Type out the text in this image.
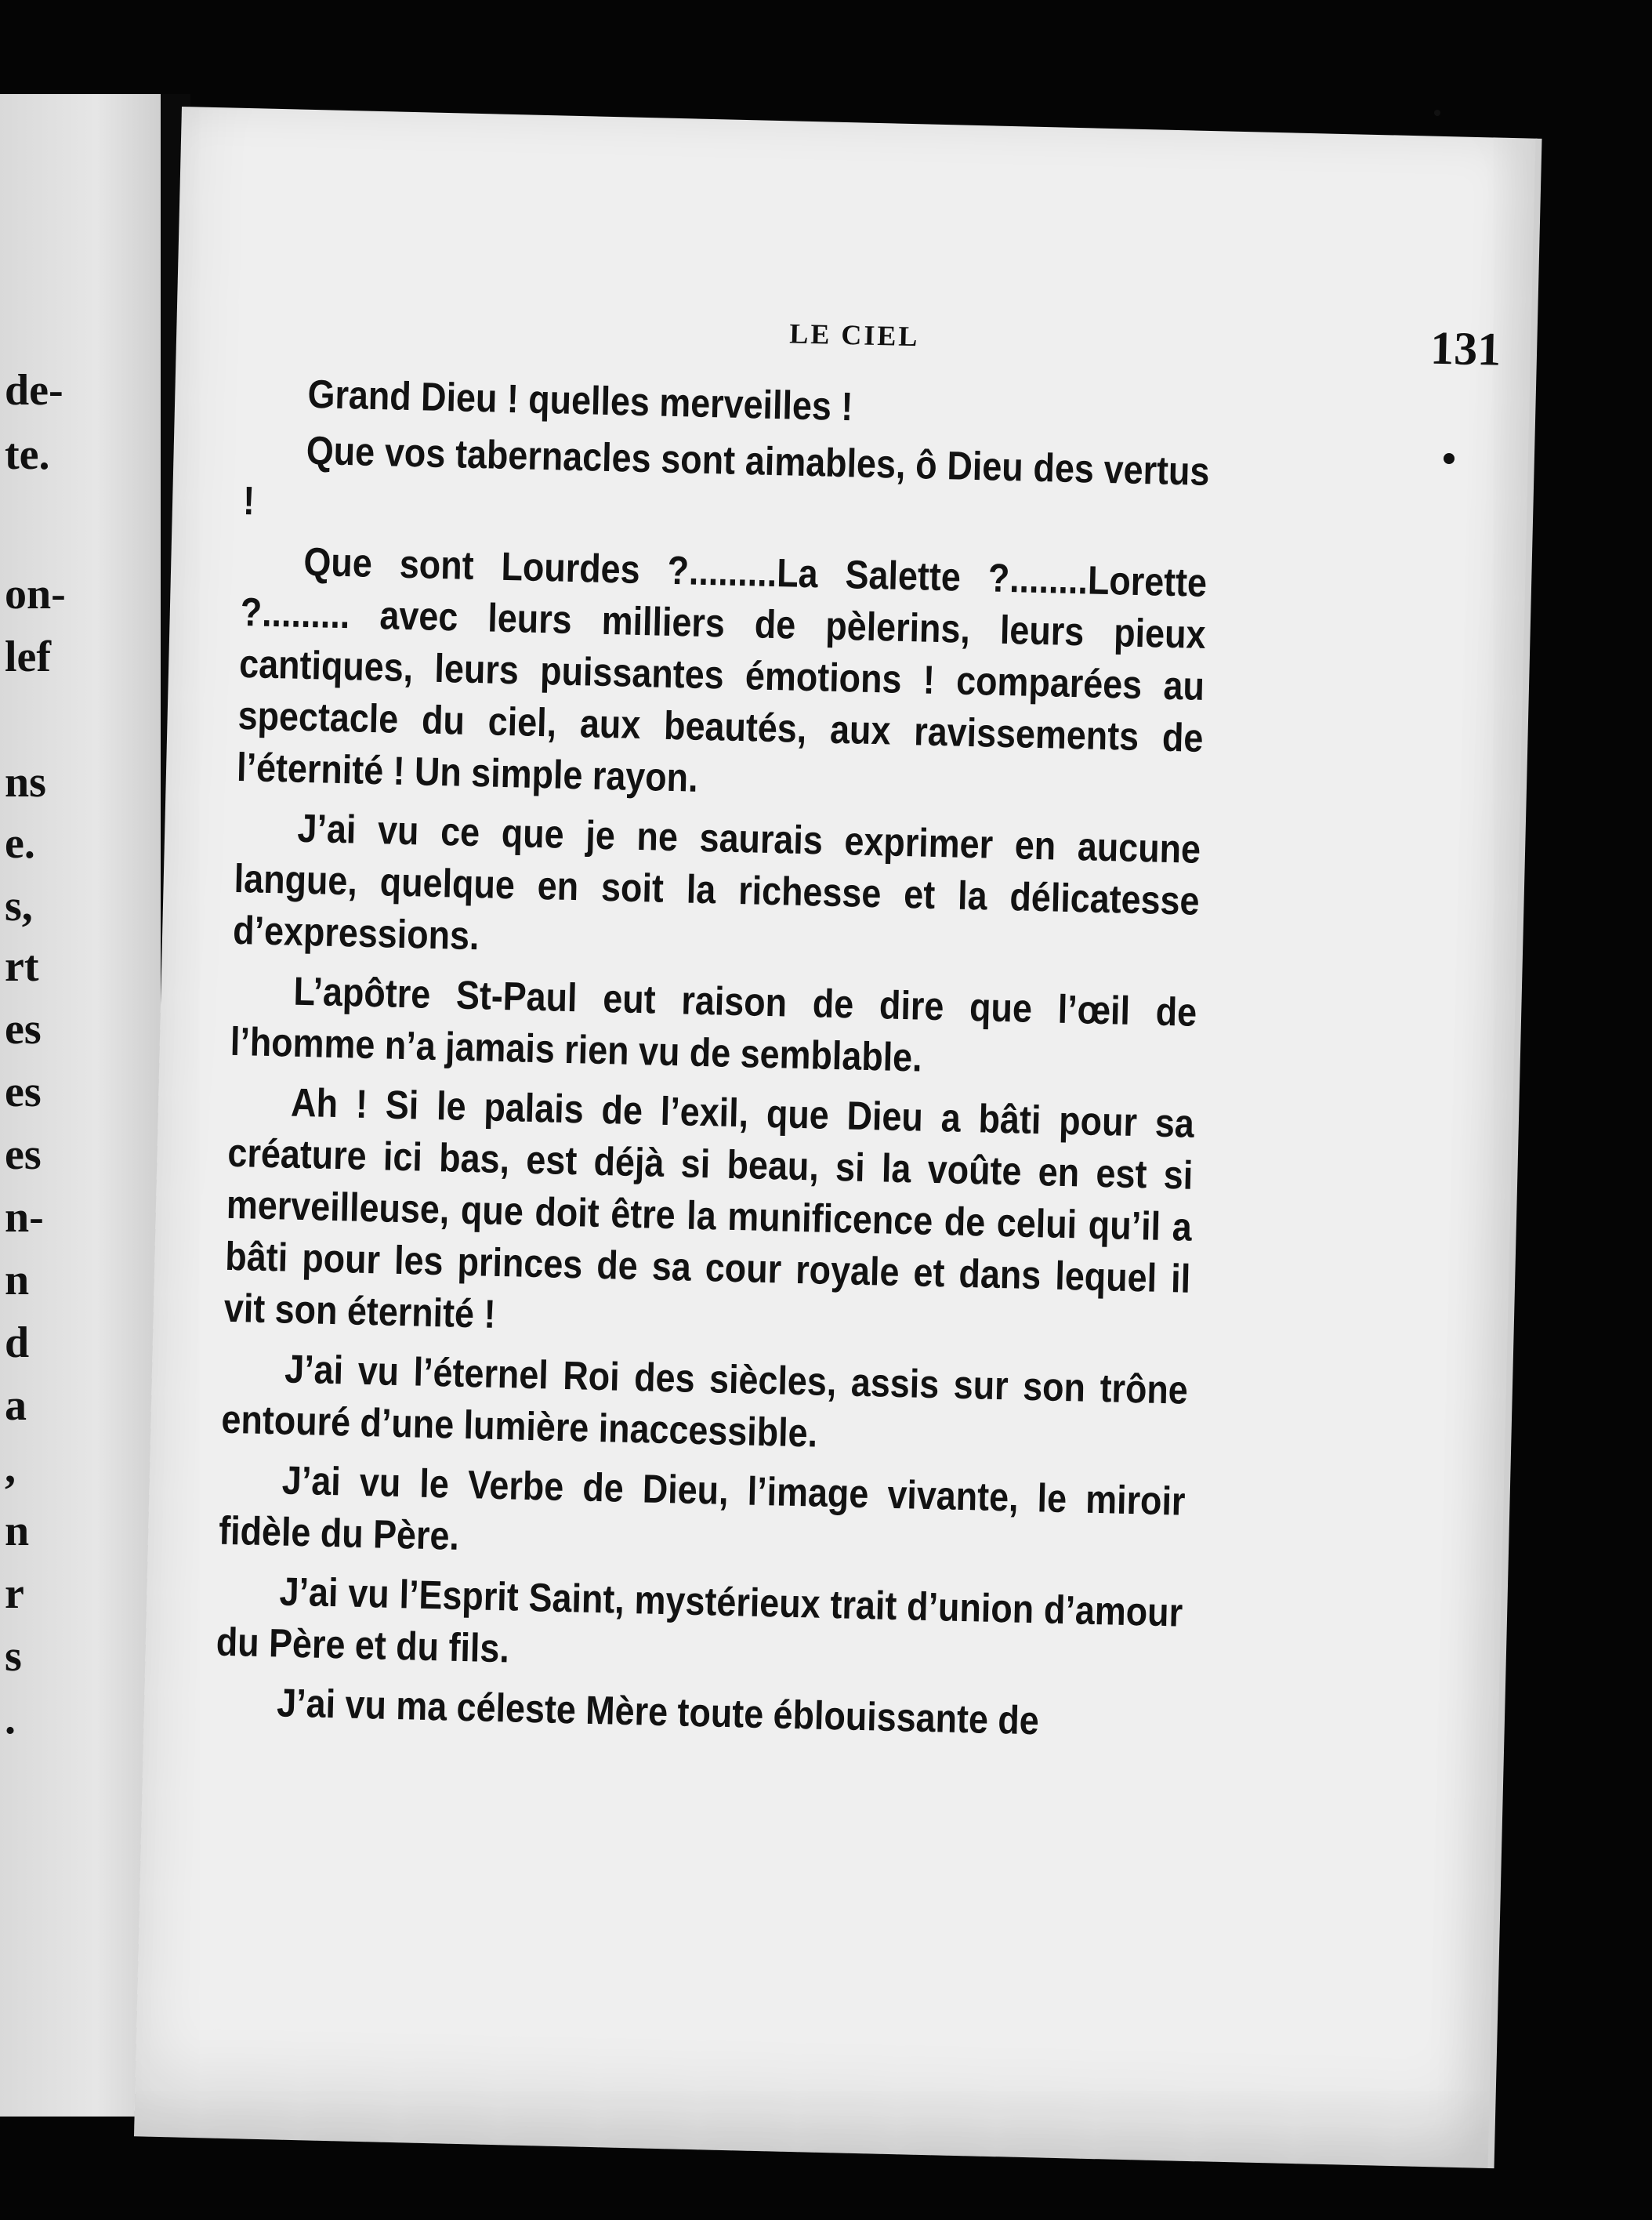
de-
te.
on-
lef
ns
e.
s,
rt
es
es
es
n-
n
d
a
,
n
r
s
.
LE CIEL	131

Grand Dieu ! quelles merveilles !

Que vos tabernacles sont aimables, ô Dieu des vertus !

Que sont Lourdes ?.........La Salette ?........Lorette ?......... avec leurs milliers de pèlerins, leurs pieux cantiques, leurs puissantes émotions ! comparées au spectacle du ciel, aux beautés, aux ravissements de l’éternité ! Un simple rayon.

J’ai vu ce que je ne saurais exprimer en aucune langue, quelque en soit la richesse et la délicatesse d’expressions.

L’apôtre St-Paul eut raison de dire que l’œil de l’homme n’a jamais rien vu de semblable.

Ah ! Si le palais de l’exil, que Dieu a bâti pour sa créature ici bas, est déjà si beau, si la voûte en est si merveilleuse, que doit être la munificence de celui qu’il a bâti pour les princes de sa cour royale et dans lequel il vit son éternité !

J’ai vu l’éternel Roi des siècles, assis sur son trône entouré d’une lumière inaccessible.

J’ai vu le Verbe de Dieu, l’image vivante, le miroir fidèle du Père.

J’ai vu l’Esprit Saint, mystérieux trait d’union d’amour du Père et du fils.

J’ai vu ma céleste Mère toute éblouissante de
